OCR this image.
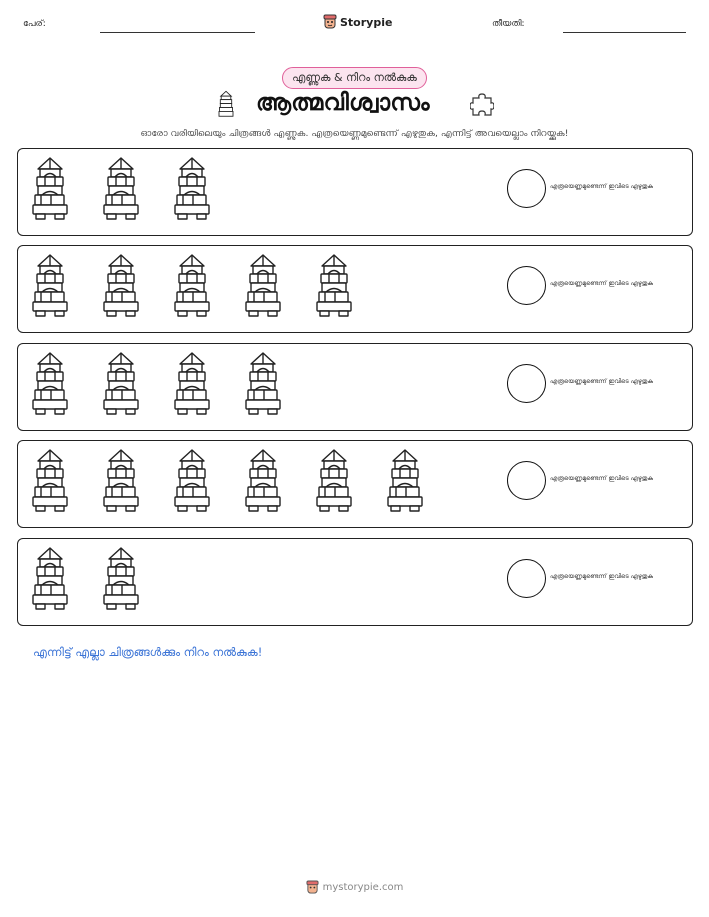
പേര്:	Storypie	തീയതി:
എണ്ണുക & നിറം നൽകുക
ആത്മവിശ്വാസം
ഓരോ വരിയിലെയും ചിത്രങ്ങൾ എണ്ണുക. എത്രയെണ്ണമുണ്ടെന്ന് എഴുതുക, എന്നിട്ട് അവയെല്ലാം നിറയ്ക്കുക!
എത്രയെണ്ണമുണ്ടെന്ന് ഇവിടെ എഴുതുക
എത്രയെണ്ണമുണ്ടെന്ന് ഇവിടെ എഴുതുക
എത്രയെണ്ണമുണ്ടെന്ന് ഇവിടെ എഴുതുക
എത്രയെണ്ണമുണ്ടെന്ന് ഇവിടെ എഴുതുക
എത്രയെണ്ണമുണ്ടെന്ന് ഇവിടെ എഴുതുക
എന്നിട്ട് എല്ലാ ചിത്രങ്ങൾക്കും നിറം നൽകുക!
mystorypie.com
